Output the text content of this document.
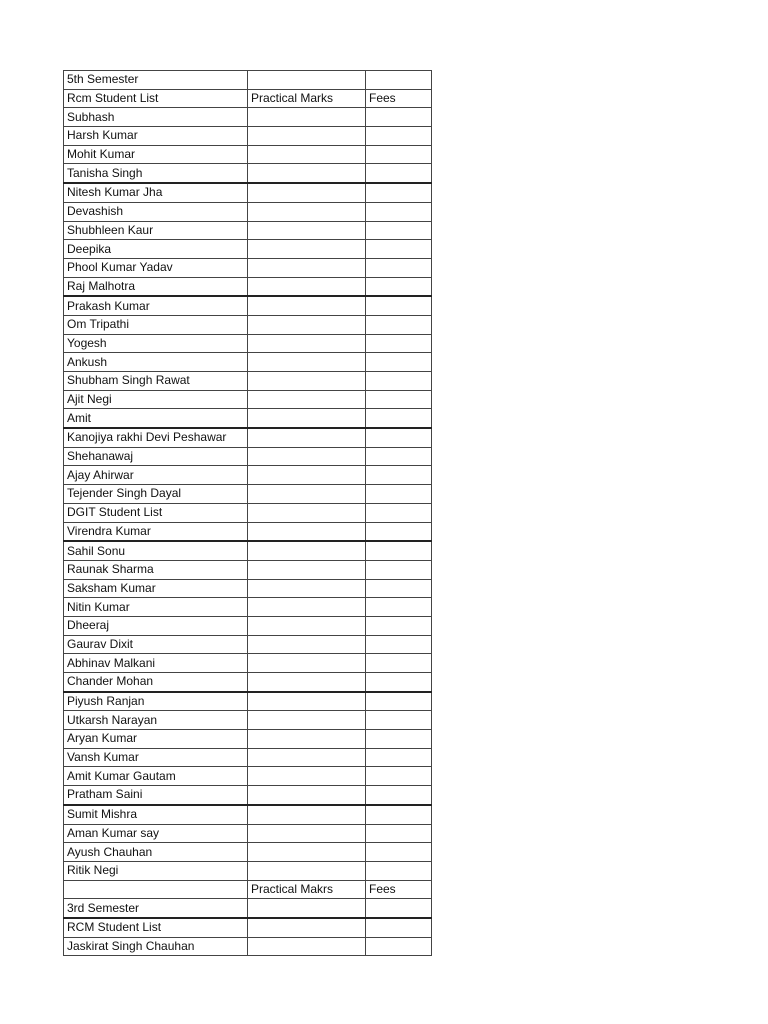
5th Semester		
Rcm Student List	Practical Marks	Fees
Subhash		
Harsh Kumar		
Mohit Kumar		
Tanisha Singh		
Nitesh Kumar Jha		
Devashish		
Shubhleen Kaur		
Deepika		
Phool Kumar Yadav		
Raj Malhotra		
Prakash Kumar		
Om Tripathi		
Yogesh		
Ankush		
Shubham Singh Rawat		
Ajit Negi		
Amit		
Kanojiya rakhi Devi Peshawar		
Shehanawaj		
Ajay Ahirwar		
Tejender Singh Dayal		
DGIT Student List		
Virendra Kumar		
Sahil Sonu		
Raunak Sharma		
Saksham Kumar		
Nitin Kumar		
Dheeraj		
Gaurav Dixit		
Abhinav Malkani		
Chander Mohan		
Piyush Ranjan		
Utkarsh Narayan		
Aryan Kumar		
Vansh Kumar		
Amit Kumar Gautam		
Pratham Saini		
Sumit Mishra		
Aman Kumar say		
Ayush Chauhan		
Ritik Negi		
	Practical Makrs	Fees
3rd Semester		
RCM Student List		
Jaskirat Singh Chauhan		
